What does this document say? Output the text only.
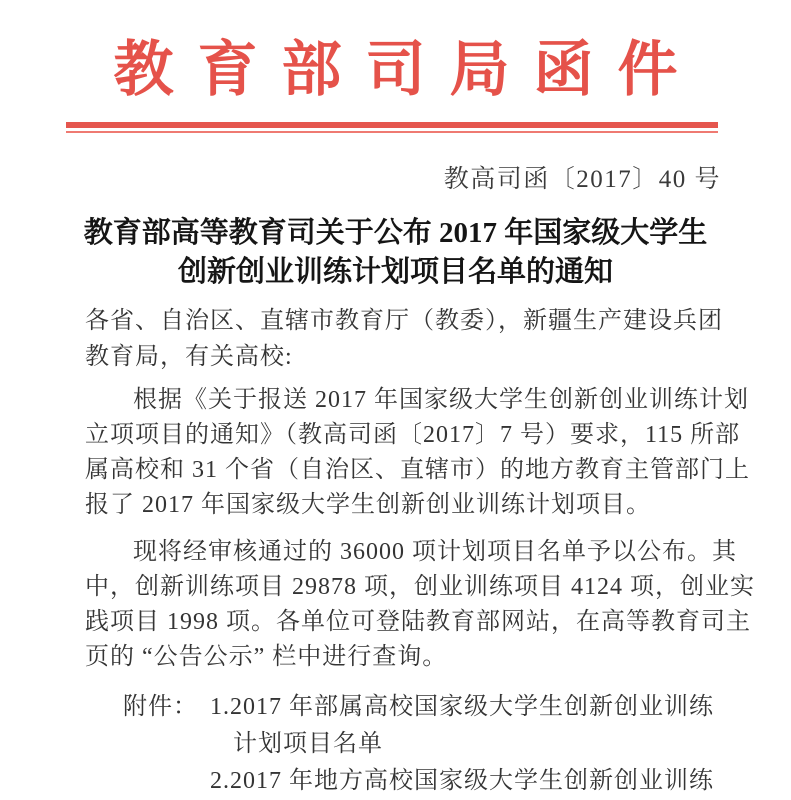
教育部司局函件
教高司函〔2017〕40 号
教育部高等教育司关于公布 2017 年国家级大学生
创新创业训练计划项目名单的通知
各省、自治区、直辖市教育厅（教委），新疆生产建设兵团
教育局，有关高校:
根据《关于报送 2017 年国家级大学生创新创业训练计划
立项项目的通知》（教高司函〔2017〕7 号）要求，115 所部
属高校和 31 个省（自治区、直辖市）的地方教育主管部门上
报了 2017 年国家级大学生创新创业训练计划项目。
现将经审核通过的 36000 项计划项目名单予以公布。其
中，创新训练项目 29878 项，创业训练项目 4124 项，创业实
践项目 1998 项。各单位可登陆教育部网站，在高等教育司主
页的 “公告公示” 栏中进行查询。
附件： 1.2017 年部属高校国家级大学生创新创业训练
计划项目名单
2.2017 年地方高校国家级大学生创新创业训练
